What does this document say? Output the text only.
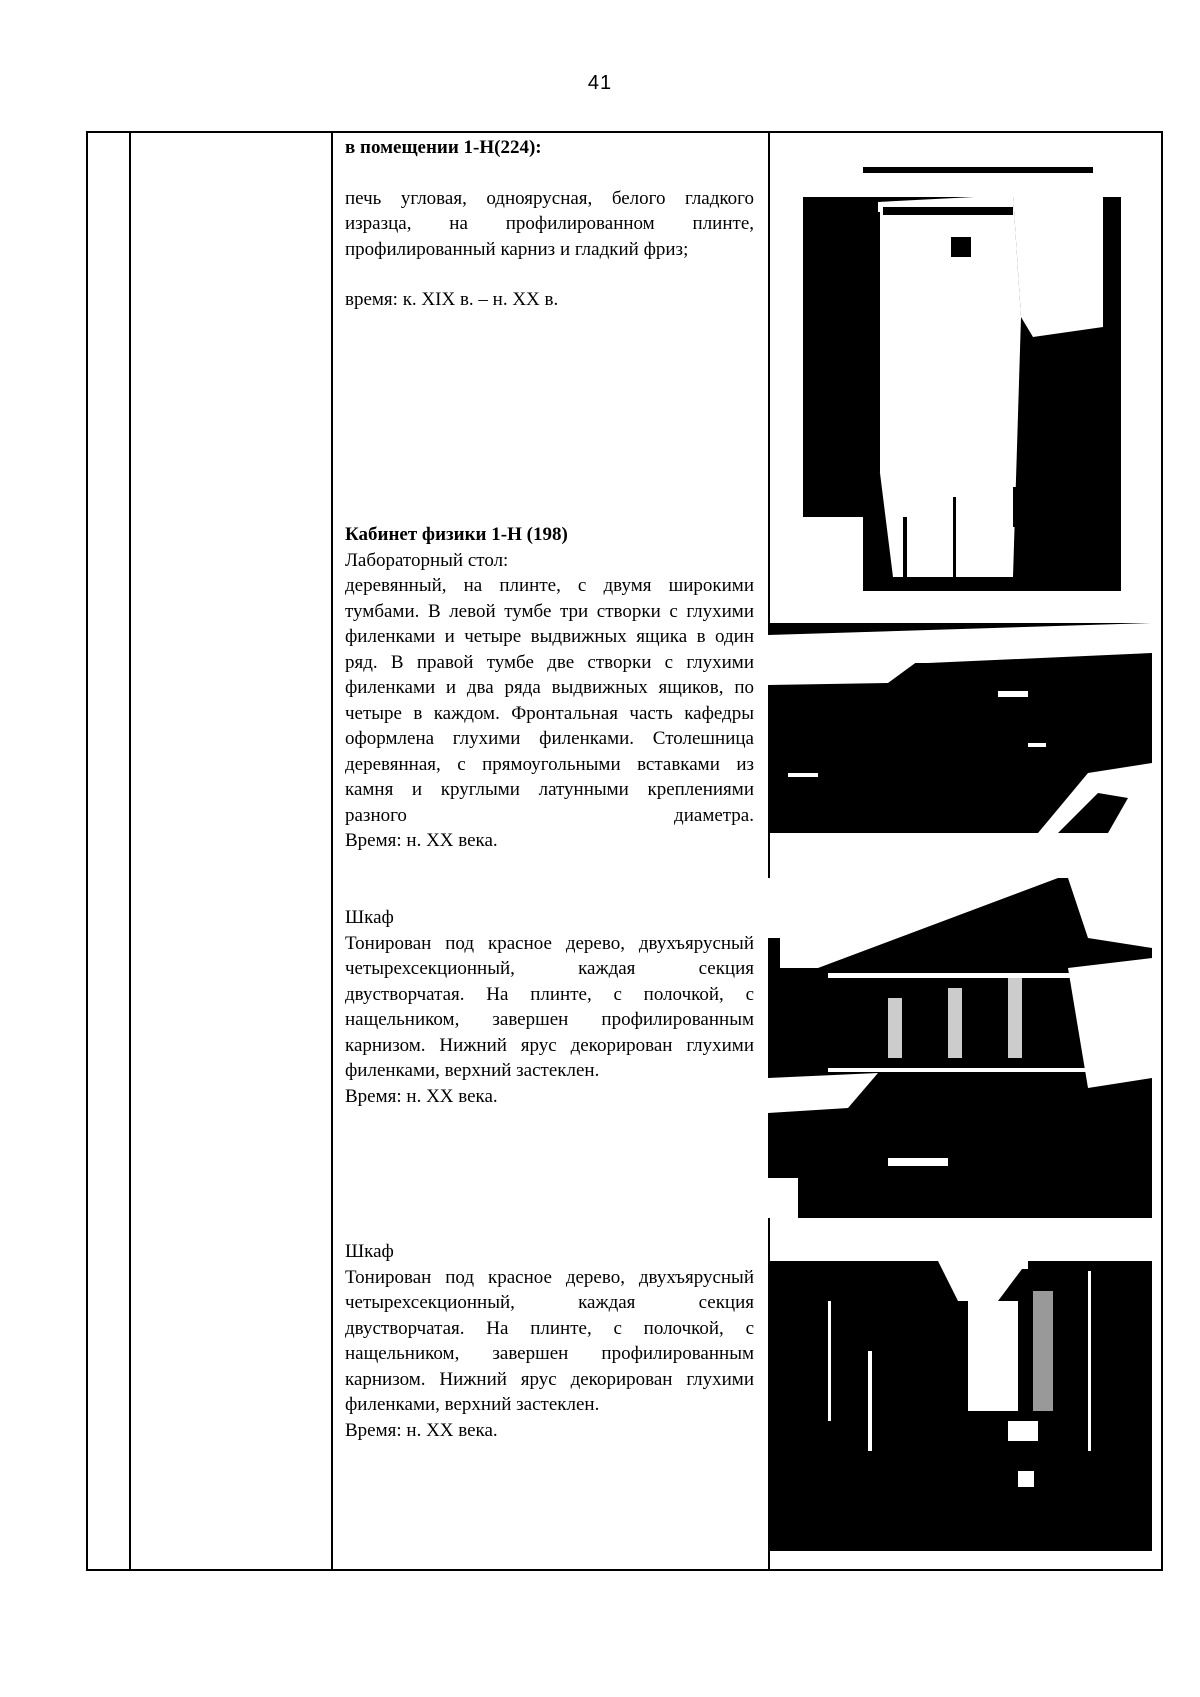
41

в помещении 1-Н(224):

печь угловая, одноярусная, белого гладкого изразца, на профилированном плинте, профилированный карниз и гладкий фриз;

время: к. XIX в. – н. XX в.

Кабинет физики 1-Н (198)

Лабораторный стол:

деревянный, на плинте, с двумя широкими тумбами. В левой тумбе три створки с глухими филенками и четыре выдвижных ящика в один ряд. В правой тумбе две створки с глухими филенками и два ряда выдвижных ящиков, по четыре в каждом. Фронтальная часть кафедры оформлена глухими филенками. Столешница деревянная, с прямоугольными вставками из камня и круглыми латунными креплениями разного диаметра.

Время: н. XX века.

Шкаф

Тонирован под красное дерево, двухъярусный четырехсекционный, каждая секция двустворчатая. На плинте, с полочкой, с нащельником, завершен профилированным карнизом. Нижний ярус декорирован глухими филенками, верхний застеклен.

Время: н. XX века.

Шкаф

Тонирован под красное дерево, двухъярусный четырехсекционный, каждая секция двустворчатая. На плинте, с полочкой, с нащельником, завершен профилированным карнизом. Нижний ярус декорирован глухими филенками, верхний застеклен.

Время: н. XX века.
